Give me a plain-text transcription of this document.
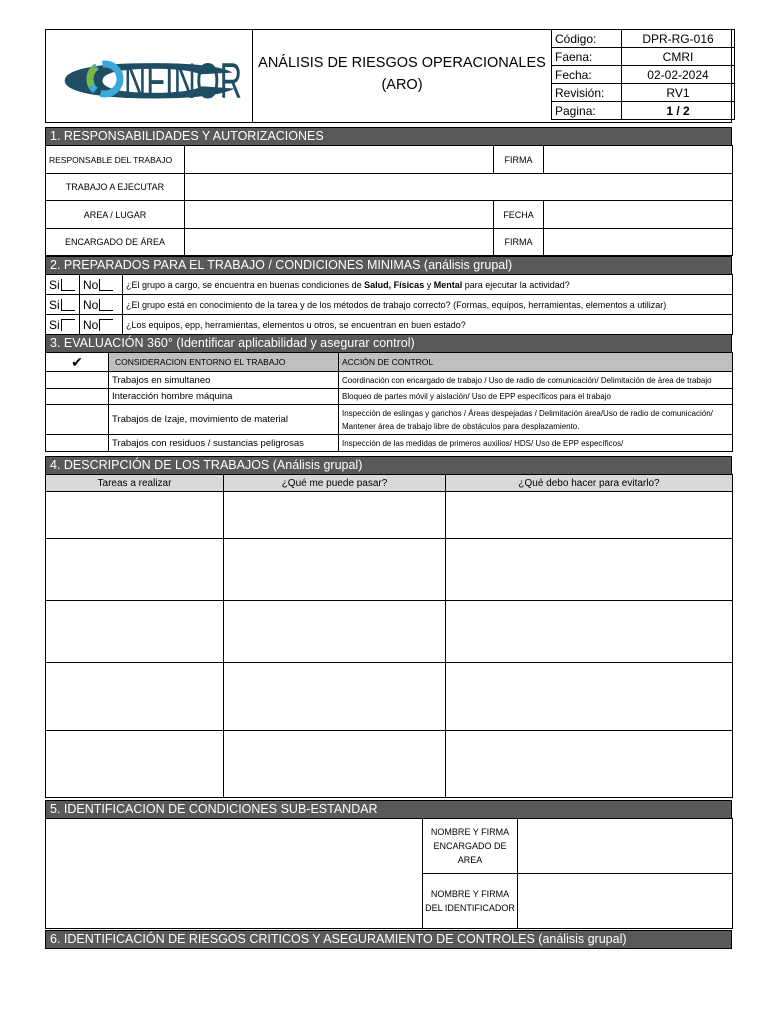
C
NFINOR	ANÁLISIS DE RIESGOS OPERACIONALES
(ARO)
Código:	DPR-RG-016
Faena:	CMRI
Fecha:	02-02-2024
Revisión:	RV1
Pagina:	1 / 2
1. RESPONSABILIDADES Y AUTORIZACIONES
RESPONSABLE DEL TRABAJO		FIRMA	
TRABAJO A EJECUTAR			
AREA / LUGAR		FECHA	
ENCARGADO DE ÁREA		FIRMA	
2. PREPARADOS PARA EL TRABAJO / CONDICIONES MINIMAS (análisis grupal)
Si	No	¿El grupo a cargo, se encuentra en buenas condiciones de Salud, Físicas y Mental para ejecutar la actividad?
Si	No	¿El grupo está en conocimiento de la tarea y de los métodos de trabajo correcto? (Formas, equipos, herramientas, elementos a utilizar)
Si	No	¿Los equipos, epp, herramientas, elementos u otros, se encuentran en buen estado?
3. EVALUACIÓN 360° (Identificar aplicabilidad y asegurar control)
✔	CONSIDERACION ENTORNO EL TRABAJO	ACCIÓN DE CONTROL
	Trabajos en simultaneo	Coordinación con encargado de trabajo / Uso de radio de comunicación/ Delimitación de área de trabajo
	Interacción hombre máquina	Bloqueo de partes móvil y aislación/ Uso de EPP específicos para el trabajo
	Trabajos de Izaje, movimiento de material	Inspección de eslingas y ganchos / Áreas despejadas / Delimitación área/Uso de radio de comunicación/ Mantener área de trabajo libre de obstáculos para desplazamiento.
	Trabajos con residuos / sustancias peligrosas	Inspección de las medidas de primeros auxilios/ HDS/ Uso de EPP específicos/
4. DESCRIPCIÓN DE LOS TRABAJOS (Análisis grupal)
Tareas a realizar	¿Qué me puede pasar?	¿Qué debo hacer para evitarlo?

5. IDENTIFICACION DE CONDICIONES SUB-ESTANDAR
	NOMBRE Y FIRMA ENCARGADO DE AREA	
	NOMBRE Y FIRMA DEL IDENTIFICADOR	
6. IDENTIFICACIÓN DE RIESGOS CRITICOS Y ASEGURAMIENTO DE CONTROLES (análisis grupal)
